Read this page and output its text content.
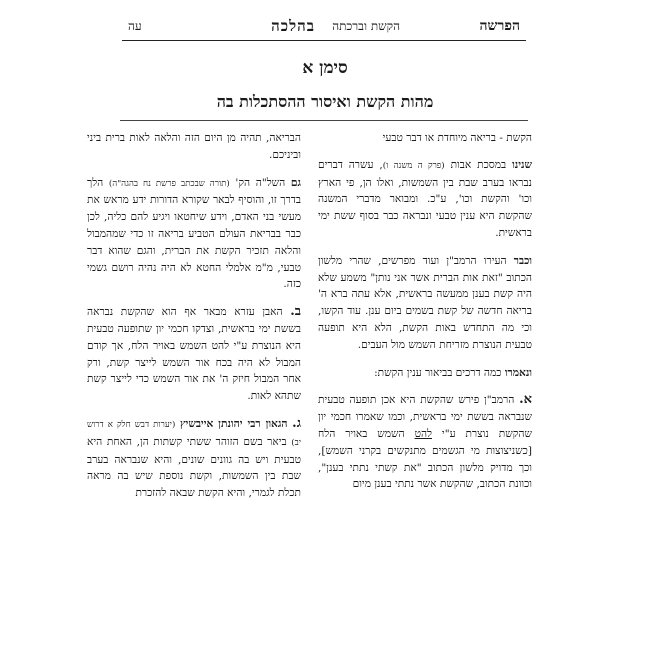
הפרשה
הקשת וברכתה
בהלכה
עה
סימן א
מהות הקשת ואיסור ההסתכלות בה

הקשת - בריאה מיוחדת או דבר טבעי

שנינו במסכת אבות (פרק ה משנה ו), עשרה דברים נבראו בערב שבת בין השמשות, ואלו הן, פי הארץ וכו' והקשת וכו', ע"כ. ומבואר מדברי המשנה שהקשת היא ענין טבעי ונבראה כבר בסוף ששת ימי בראשית.

וכבר העירו הרמב"ן ועוד מפרשים, שהרי מלשון הכתוב "זאת אות הברית אשר אני נותן" משמע שלא היה קשת בענן ממעשה בראשית, אלא עתה ברא ה' בריאה חדשה של קשת בשמים ביום ענן. עוד הקשו, וכי מה התחדש באות הקשת, הלא היא תופעה טבעית הנוצרת מזריחת השמש מול העבים.

ונאמרו כמה דרכים בביאור ענין הקשת:

א. הרמב"ן פירש שהקשת היא אכן תופעה טבעית שנבראה בששת ימי בראשית, וכמו שאמרו חכמי יון שהקשת נוצרת ע"י להט השמש באויר הלח [כשניצוצות מי הגשמים מתנקשים בקרני השמש], וכך מדויק מלשון הכתוב "את קשתי נתתי בענן", וכוונת הכתוב, שהקשת אשר נתתי בענן מיום

הבריאה, תהיה מן היום הזה והלאה לאות ברית ביני וביניכם.

גם השל"ה הק' (תורה שבכתב פרשת נח בהגה"ה) הלך בדרך זו, והוסיף לבאר שקורא הדורות ידע מראש את מעשי בני האדם, וידע שיחטאו ויגיע להם כליה, לכן כבר בבריאת העולם הטביע בריאה זו כדי שמהמבול והלאה תזכיר הקשת את הברית, והגם שהוא דבר טבעי, מ"מ אלמלי החטא לא היה נהיה רושם גשמי כזה.

ב. האבן עזרא מבאר אף הוא שהקשת נבראה בששת ימי בראשית, וצדקו חכמי יון שתופעה טבעית היא הנוצרת ע"י להט השמש באויר הלח, אך קודם המבול לא היה בכח אור השמש לייצר קשת, ורק אחר המבול חיזק ה' את אור השמש כדי לייצר קשת שתהא לאות.

ג. הגאון רבי יהונתן אייבשיץ (יערות דבש חלק א דרוש יב) ביאר בשם הזוהר ששתי קשתות הן, האחת היא טבעית ויש בה גוונים שונים, והיא שנבראה בערב שבת בין השמשות, וקשת נוספת שיש בה מראה תכלת לגמרי, והיא הקשת שבאה להזכרת
